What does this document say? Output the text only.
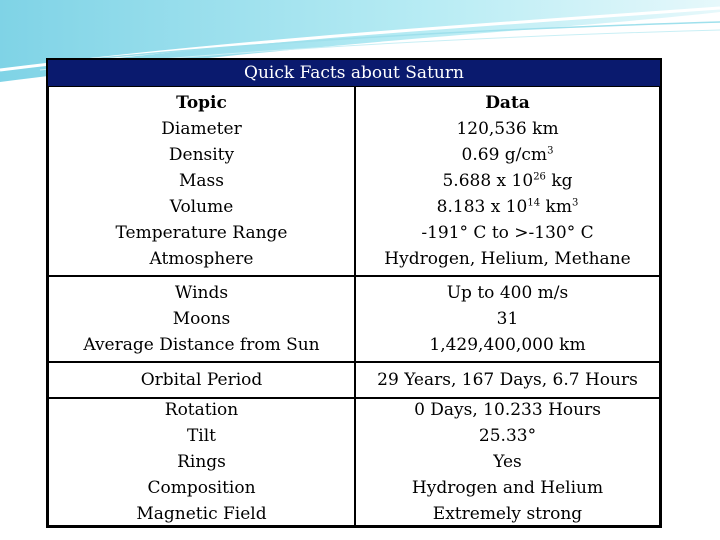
Quick Facts about Saturn
Topic
Diameter
Density
Mass
Volume
Temperature Range
Atmosphere
Data
120,536 km
0.69 $g/cm^3$
5.688 x $10^{26}$ kg
8.183 x $10^{14}$ $km^3$
-191° C to >-130° C
Hydrogen, Helium, Methane
Winds
Moons
Average Distance from Sun
Up to 400 m/s
31
1,429,400,000 km
Orbital Period	29 Years, 167 Days, 6.7 Hours
Rotation
Tilt
Rings
Composition
Magnetic Field
0 Days, 10.233 Hours
25.33°
Yes
Hydrogen and Helium
Extremely strong
